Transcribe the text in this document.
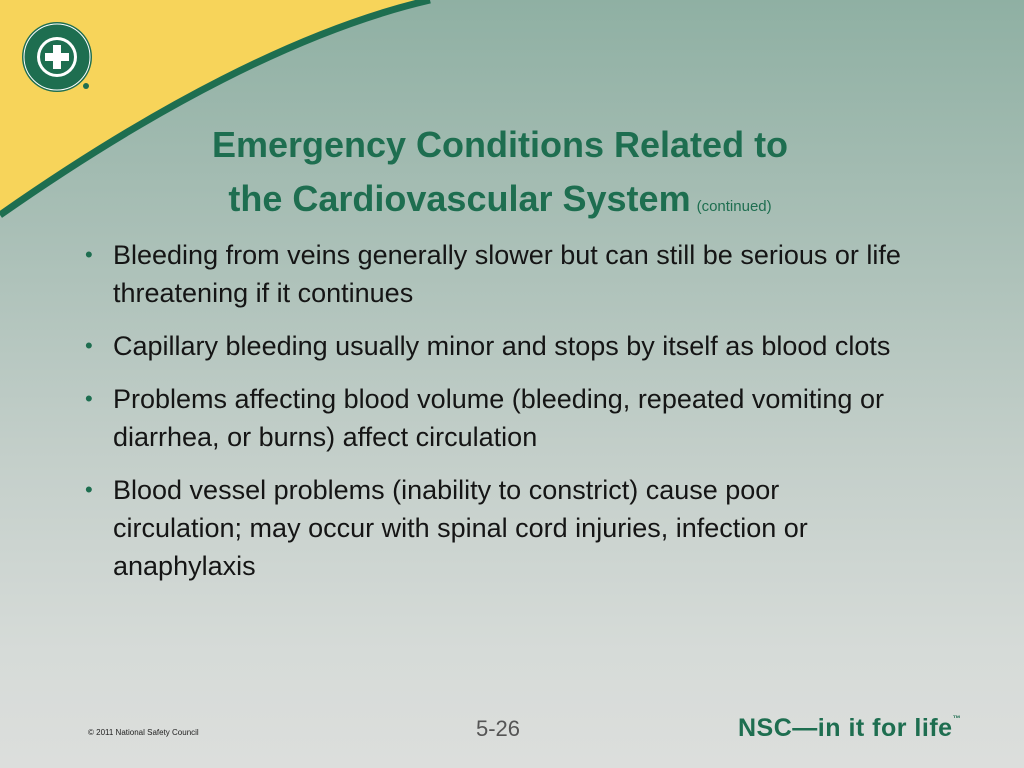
Emergency Conditions Related to
the Cardiovascular System (continued)
• Bleeding from veins generally slower but can still be serious or life threatening if it continues
• Capillary bleeding usually minor and stops by itself as blood clots
• Problems affecting blood volume (bleeding, repeated vomiting or diarrhea, or burns) affect circulation
• Blood vessel problems (inability to constrict) cause poor circulation; may occur with spinal cord injuries, infection or anaphylaxis
© 2011 National Safety Council	5-26	NSC—in it for life™
